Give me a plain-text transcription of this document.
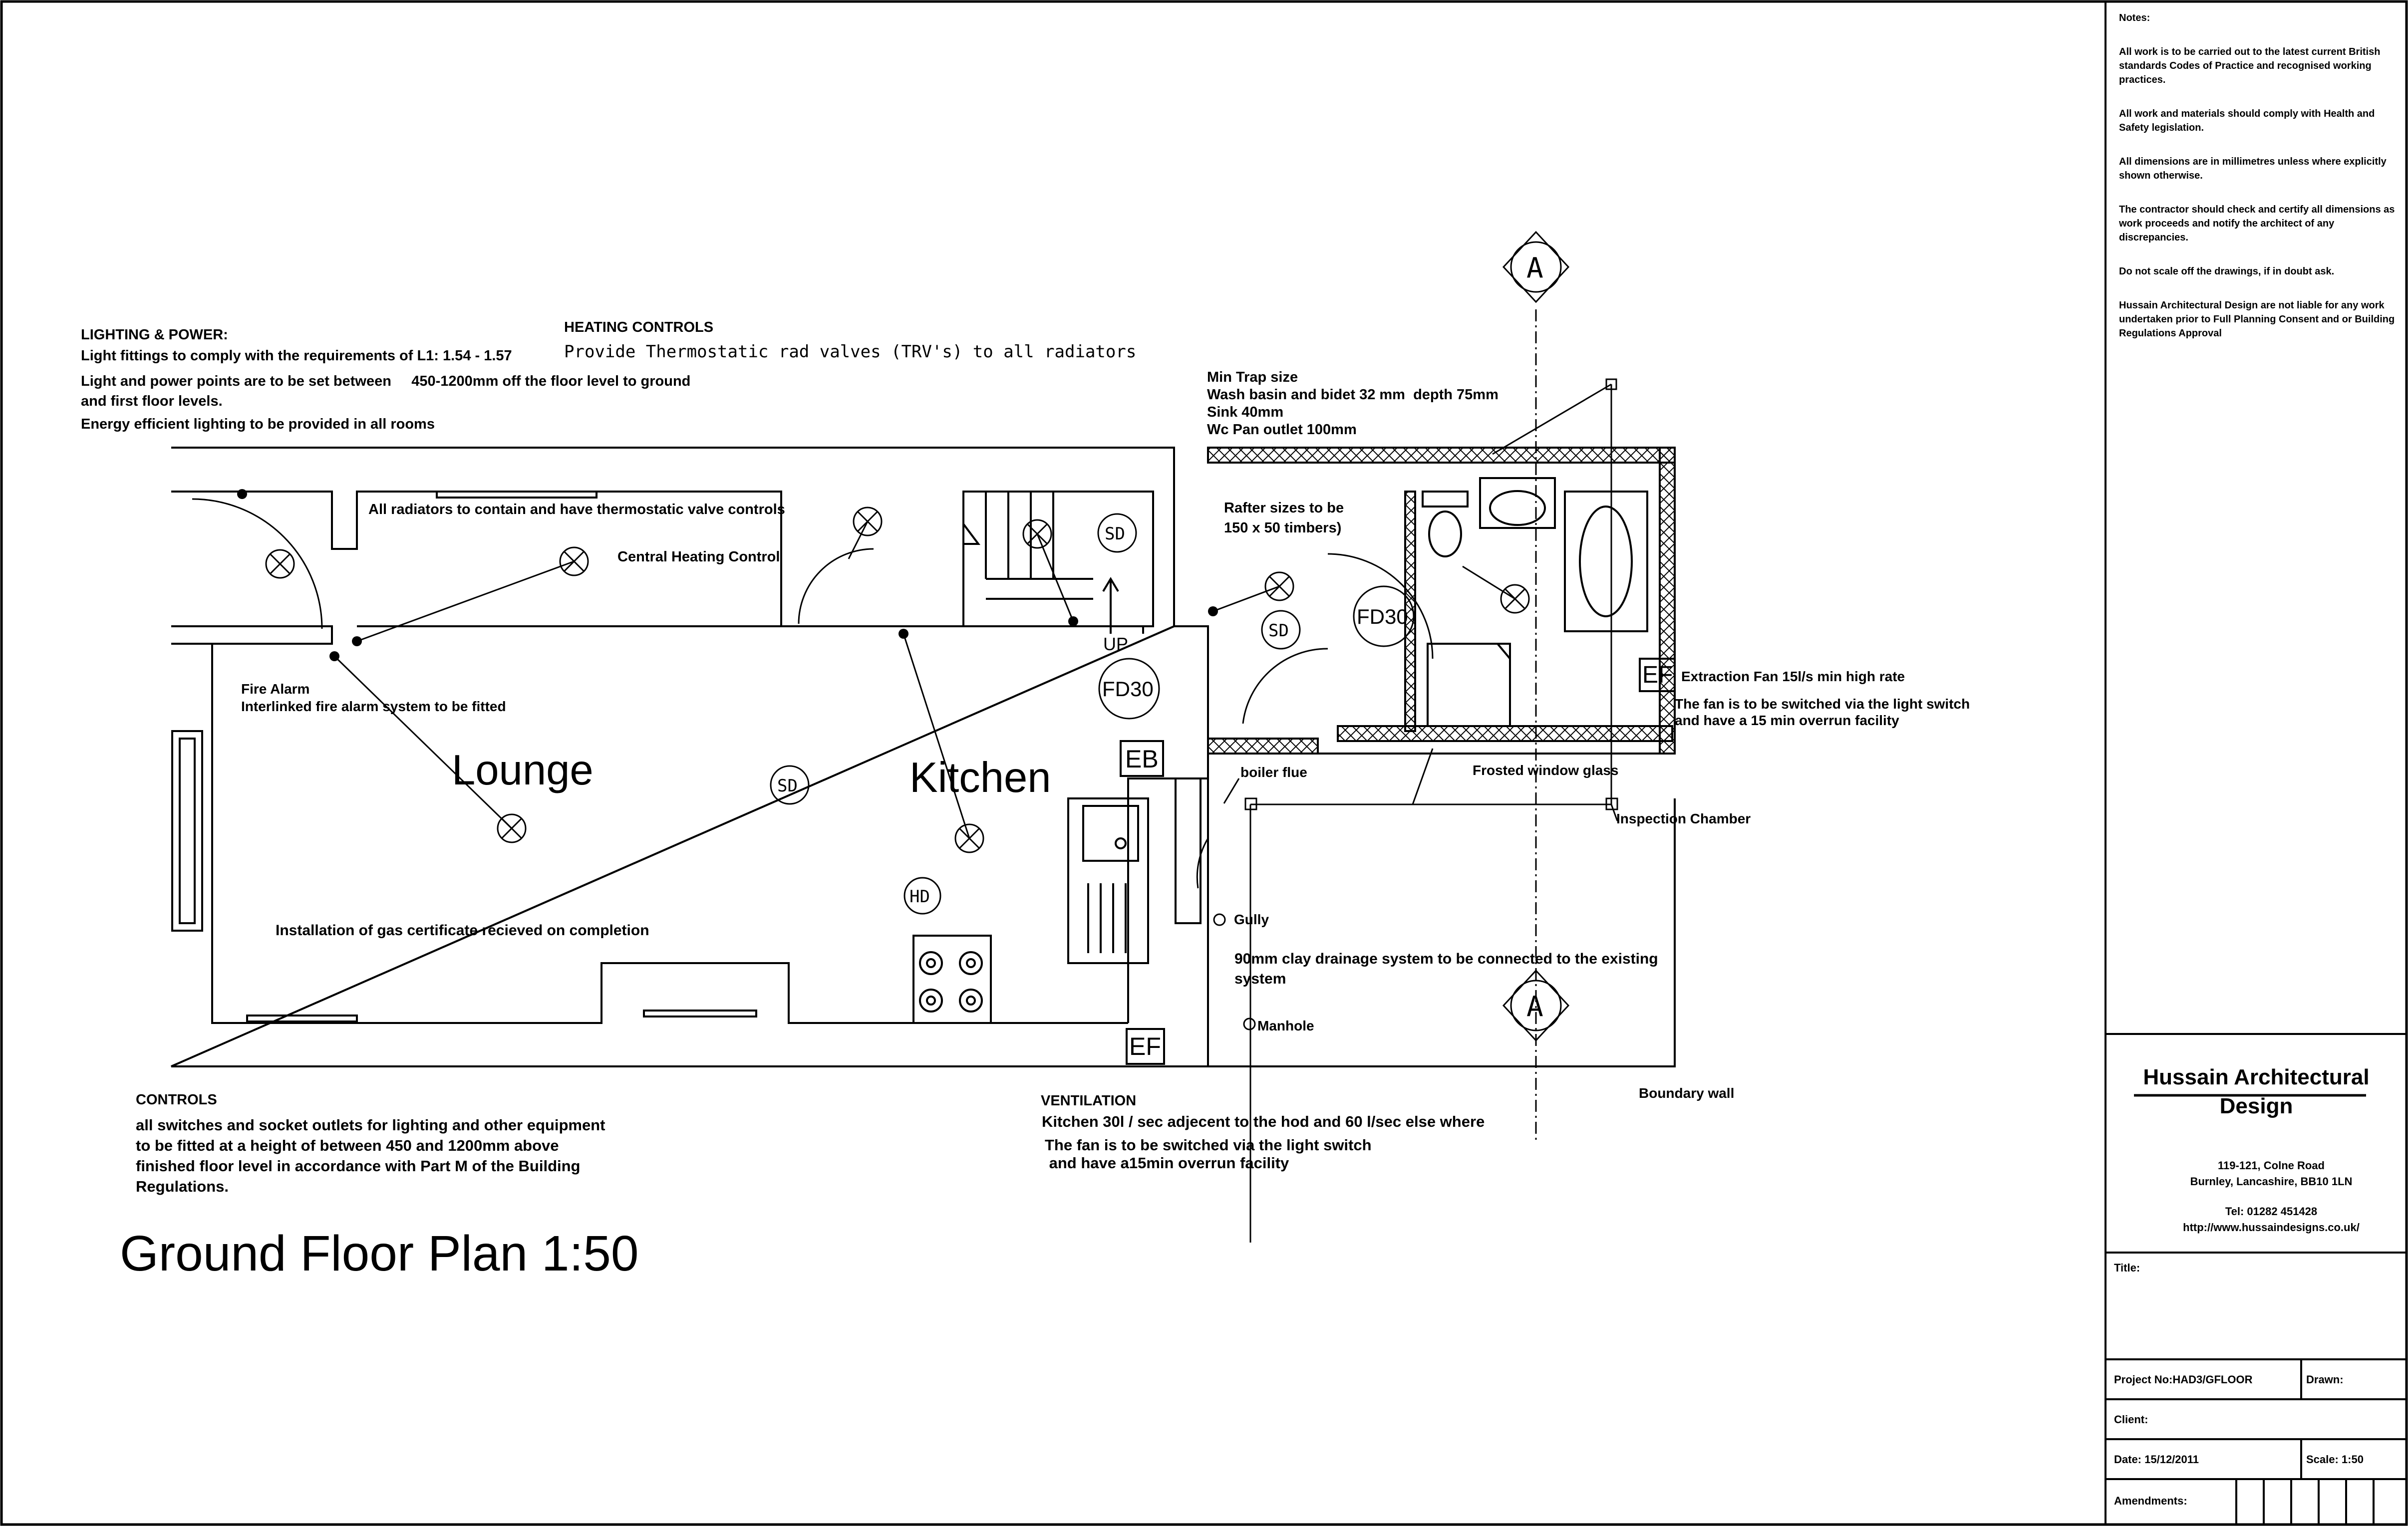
Ground Floor Plan 1:50
Lounge	Kitchen
LIGHTING & POWER:
Light fittings to comply with the requirements of L1: 1.54 - 1.57
Light and power points are to be set between     450-1200mm off the floor level to ground
and first floor levels.
Energy efficient lighting to be provided in all rooms
HEATING CONTROLS
Provide Thermostatic rad valves (TRV's) to all radiators
Min Trap size
Wash basin and bidet 32 mm  depth 75mm
Sink 40mm
Wc Pan outlet 100mm
All radiators to contain and have thermostatic valve controls
Central Heating Control
Fire Alarm
Interlinked fire alarm system to be fitted
Installation of gas certificate recieved on completion
Rafter sizes to be
150 x 50 timbers)
Extraction Fan 15l/s min high rate
The fan is to be switched via the light switch
and have a 15 min overrun facility
boiler flue	Frosted window glass
Inspection Chamber
Gully
90mm clay drainage system to be connected to the existing
system
Manhole
Boundary wall
UP
SD
SD
SD
HD
FD30
FD30
EB
EF
EF
A
A
CONTROLS
all switches and socket outlets for lighting and other equipment
to be fitted at a height of between 450 and 1200mm above
finished floor level in accordance with Part M of the Building
Regulations.
VENTILATION
Kitchen 30l / sec adjecent to the hod and 60 l/sec else where
The fan is to be switched via the light switch
and have a15min overrun facility

Notes:

All work is to be carried out to the latest current British standards Codes of Practice and recognised working practices.

All work and materials should comply with Health and Safety legislation.

All dimensions are in millimetres unless where explicitly shown otherwise.

The contractor should check and certify all dimensions as work proceeds and notify the architect of any discrepancies.

Do not scale off the drawings, if in doubt ask.

Hussain Architectural Design are not liable for any work undertaken prior to Full Planning Consent and or Building Regulations Approval

Hussain Architectural
Design
119-121, Colne Road
Burnley, Lancashire, BB10 1LN
Tel: 01282 451428
http://www.hussaindesigns.co.uk/
Title:
Project No:HAD3/GFLOOR	Drawn:
Client:
Date: 15/12/2011	Scale: 1:50
Amendments:
